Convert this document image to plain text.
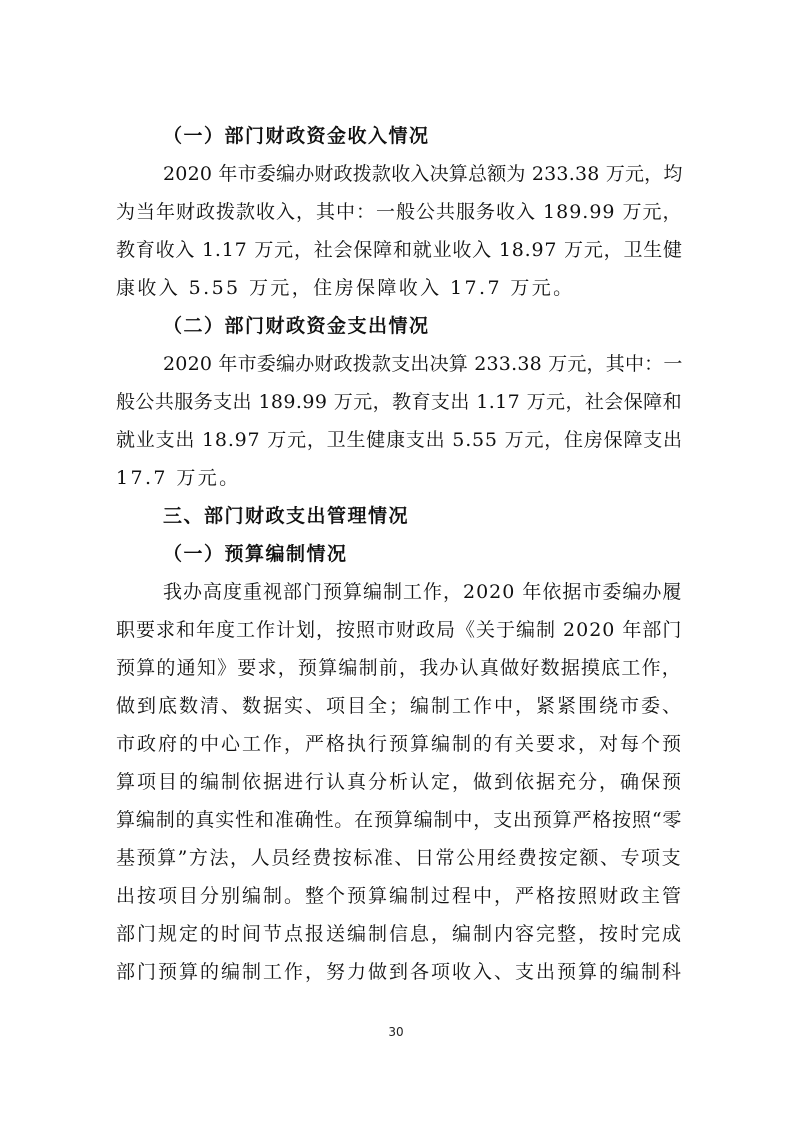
（一）部门财政资金收入情况
2020 年市委编办财政拨款收入决算总额为 233.38 万元，均
为当年财政拨款收入，其中：一般公共服务收入 189.99 万元，
教育收入 1.17 万元，社会保障和就业收入 18.97 万元，卫生健
康收入 5.55 万元，住房保障收入 17.7 万元。
（二）部门财政资金支出情况
2020 年市委编办财政拨款支出决算 233.38 万元，其中：一
般公共服务支出 189.99 万元，教育支出 1.17 万元，社会保障和
就业支出 18.97 万元，卫生健康支出 5.55 万元，住房保障支出
17.7 万元。
三、部门财政支出管理情况
（一）预算编制情况
我办高度重视部门预算编制工作，2020 年依据市委编办履
职要求和年度工作计划，按照市财政局《关于编制 2020 年部门
预算的通知》要求，预算编制前，我办认真做好数据摸底工作，
做到底数清、数据实、项目全；编制工作中，紧紧围绕市委、
市政府的中心工作，严格执行预算编制的有关要求，对每个预
算项目的编制依据进行认真分析认定，做到依据充分，确保预
算编制的真实性和准确性。在预算编制中，支出预算严格按照“零
基预算”方法，人员经费按标准、日常公用经费按定额、专项支
出按项目分别编制。整个预算编制过程中，严格按照财政主管
部门规定的时间节点报送编制信息，编制内容完整，按时完成
部门预算的编制工作，努力做到各项收入、支出预算的编制科
30
